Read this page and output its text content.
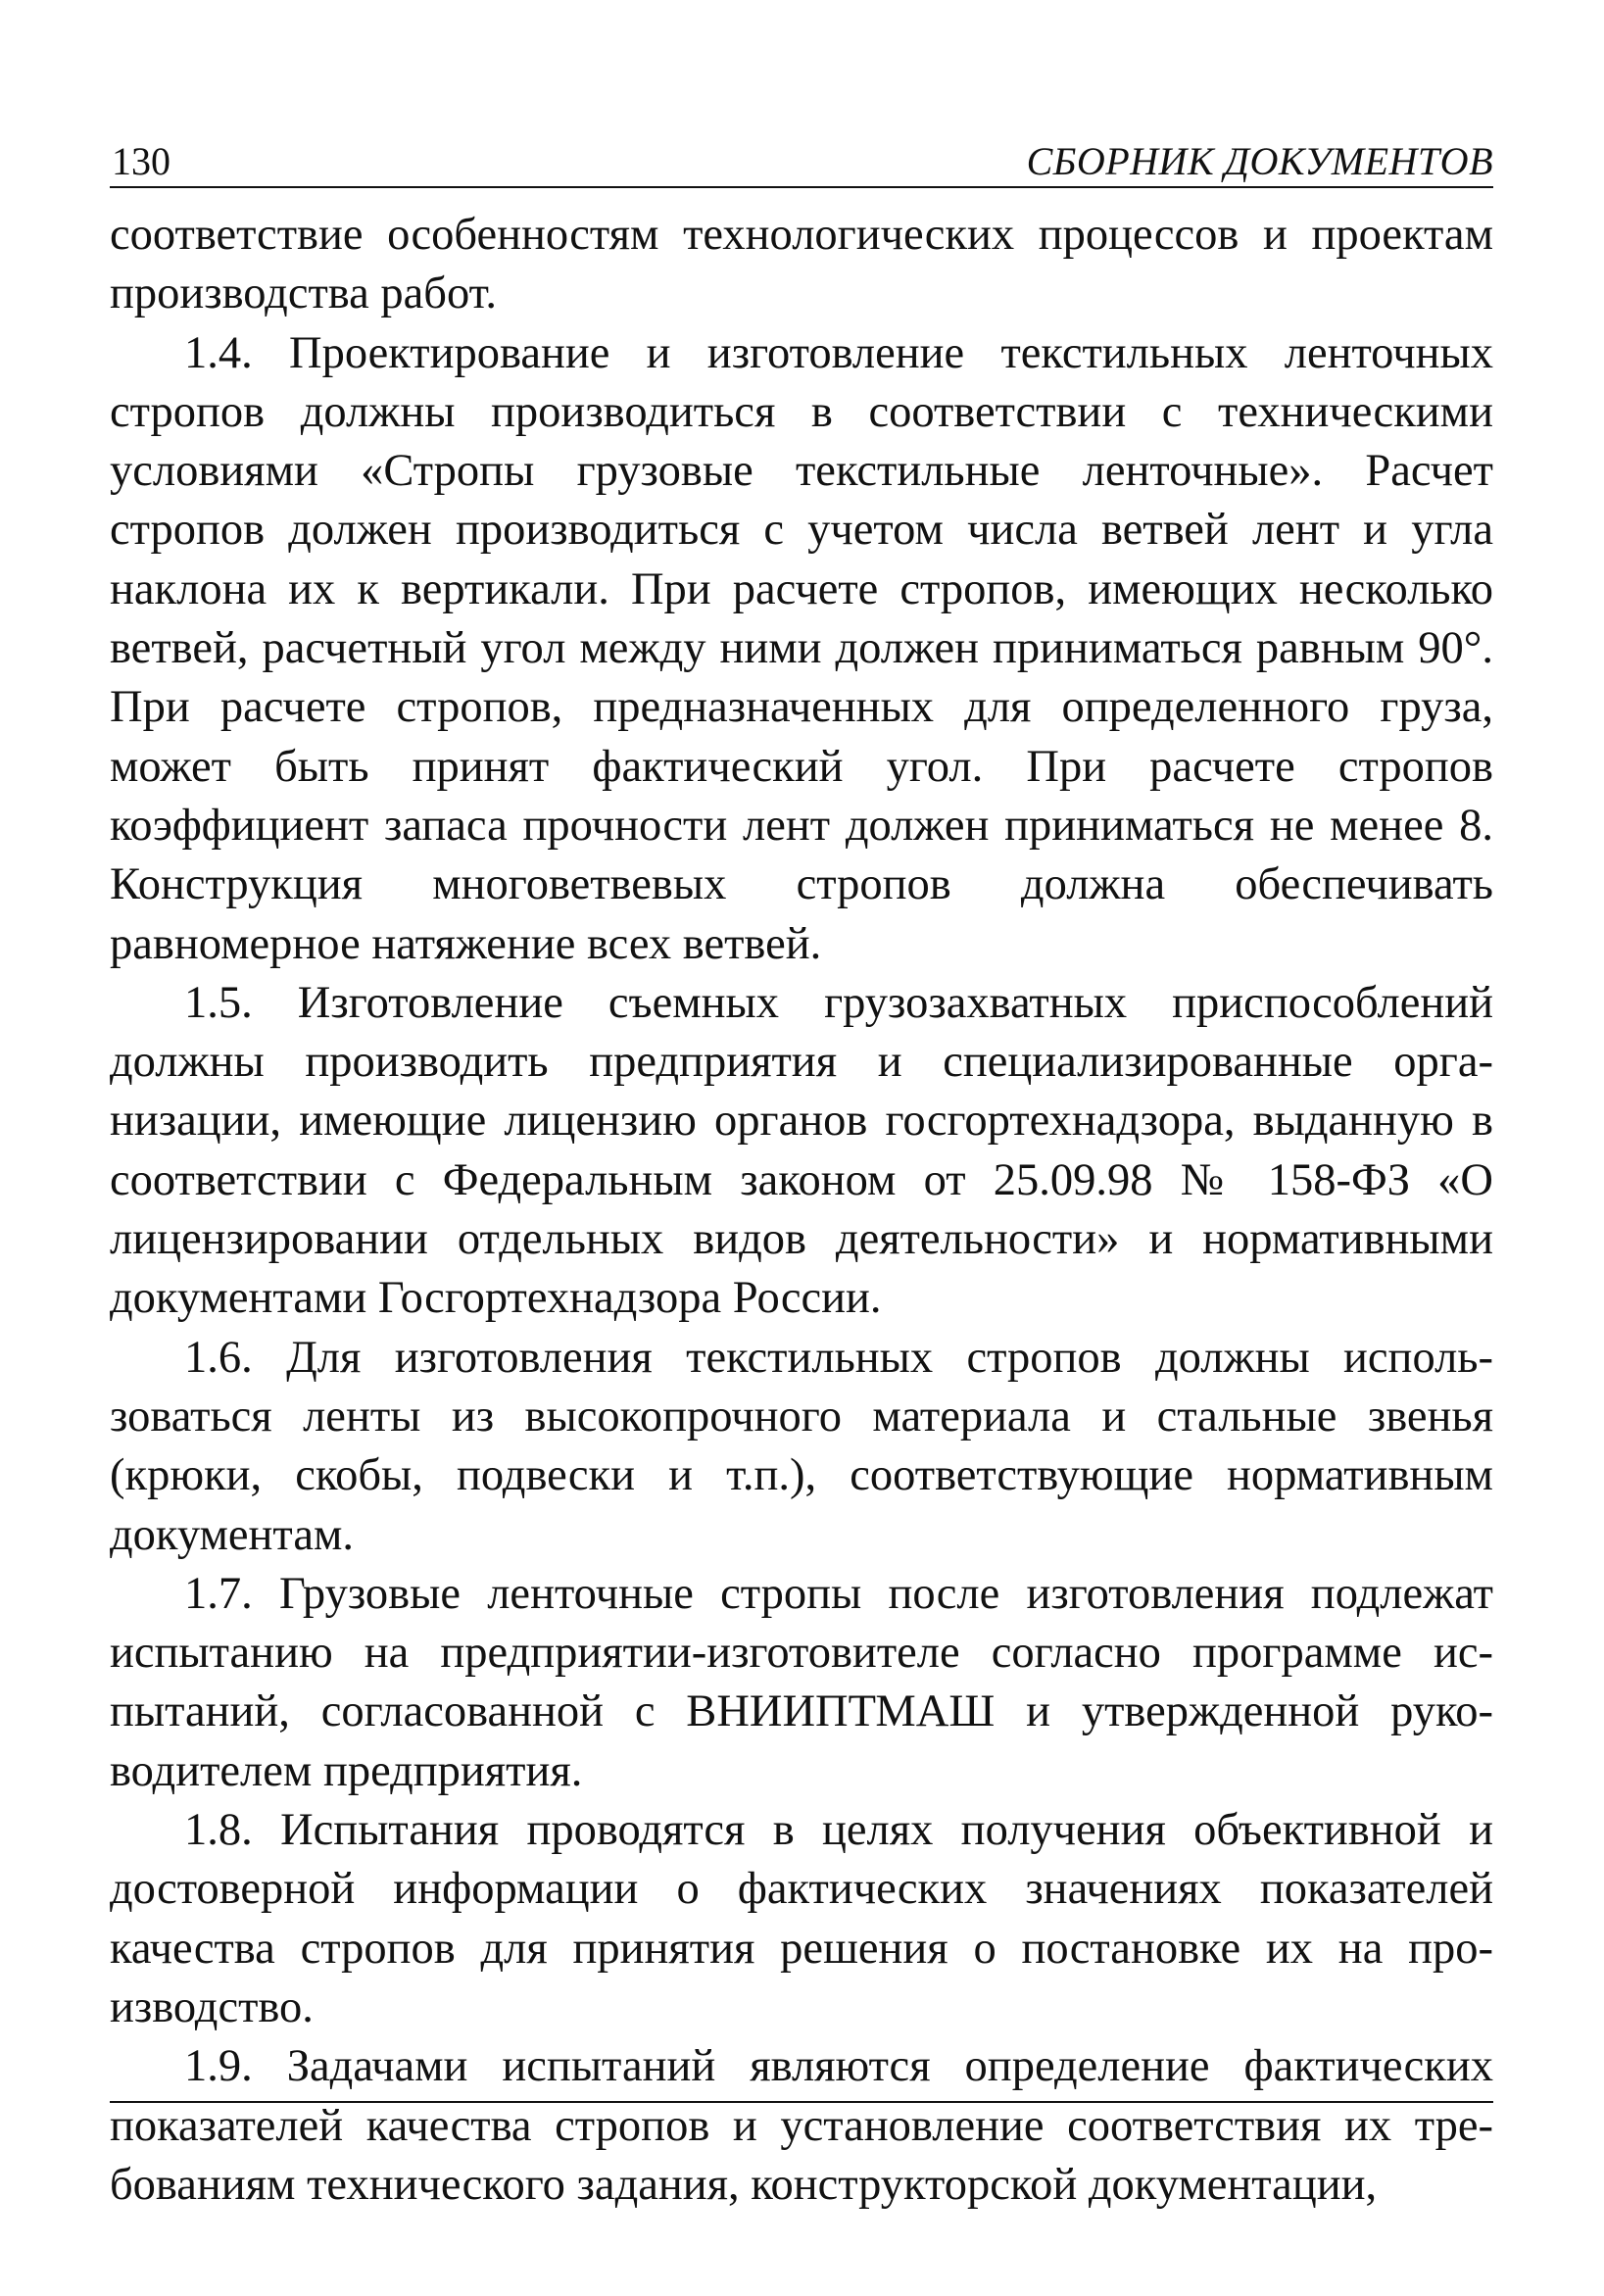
130	СБОРНИК ДОКУМЕНТОВ

соответствие особенностям технологических процессов и проектам производства работ.

1.4. Проектирование и изготовление текстильных ленточных стропов должны производиться в соответствии с техническими условиями «Стропы грузовые текстильные ленточные». Расчет стропов должен производиться с учетом числа ветвей лент и угла наклона их к вертикали. При расчете стропов, имеющих несколько ветвей, расчетный угол между ними должен приниматься равным 90°. При расчете стропов, предназначенных для определенного груза, может быть принят фактический угол. При расчете стропов коэффициент запаса прочности лент должен приниматься не менее 8. Конструкция многоветвевых стропов должна обеспечивать равномерное натяжение всех ветвей.

1.5. Изготовление съемных грузозахватных приспособлений должны производить предприятия и специализированные организации, имеющие лицензию органов госгортехнадзора, выданную в соответствии с Федеральным законом от 25.09.98 № 158-ФЗ «О лицензировании отдельных видов деятельности» и нормативными документами Госгортехнадзора России.

1.6. Для изготовления текстильных стропов должны использоваться ленты из высокопрочного материала и стальные звенья (крюки, скобы, подвески и т.п.), соответствующие нормативным документам.

1.7. Грузовые ленточные стропы после изготовления подлежат испытанию на предприятии-изготовителе согласно программе испытаний, согласованной с ВНИИПТМАШ и утвержденной руководителем предприятия.

1.8. Испытания проводятся в целях получения объективной и достоверной информации о фактических значениях показателей качества стропов для принятия решения о постановке их на производство.

1.9. Задачами испытаний являются определение фактических показателей качества стропов и установление соответствия их требованиям технического задания, конструкторской документации,
